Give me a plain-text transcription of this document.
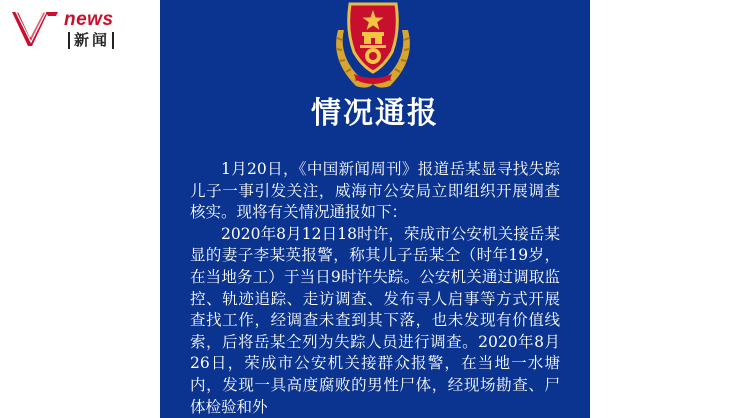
news
新闻
情况通报

1月20日，《中国新闻周刊》报道岳某显寻找失踪儿子一事引发关注，威海市公安局立即组织开展调查核实。现将有关情况通报如下：

2020年8月12日18时许，荣成市公安机关接岳某显的妻子李某英报警，称其儿子岳某仝（时年19岁，在当地务工）于当日9时许失踪。公安机关通过调取监控、轨迹追踪、走访调查、发布寻人启事等方式开展查找工作，经调查未查到其下落，也未发现有价值线索，后将岳某仝列为失踪人员进行调查。2020年8月26日，荣成市公安机关接群众报警，在当地一水塘内，发现一具高度腐败的男性尸体，经现场勘查、尸体检验和外
